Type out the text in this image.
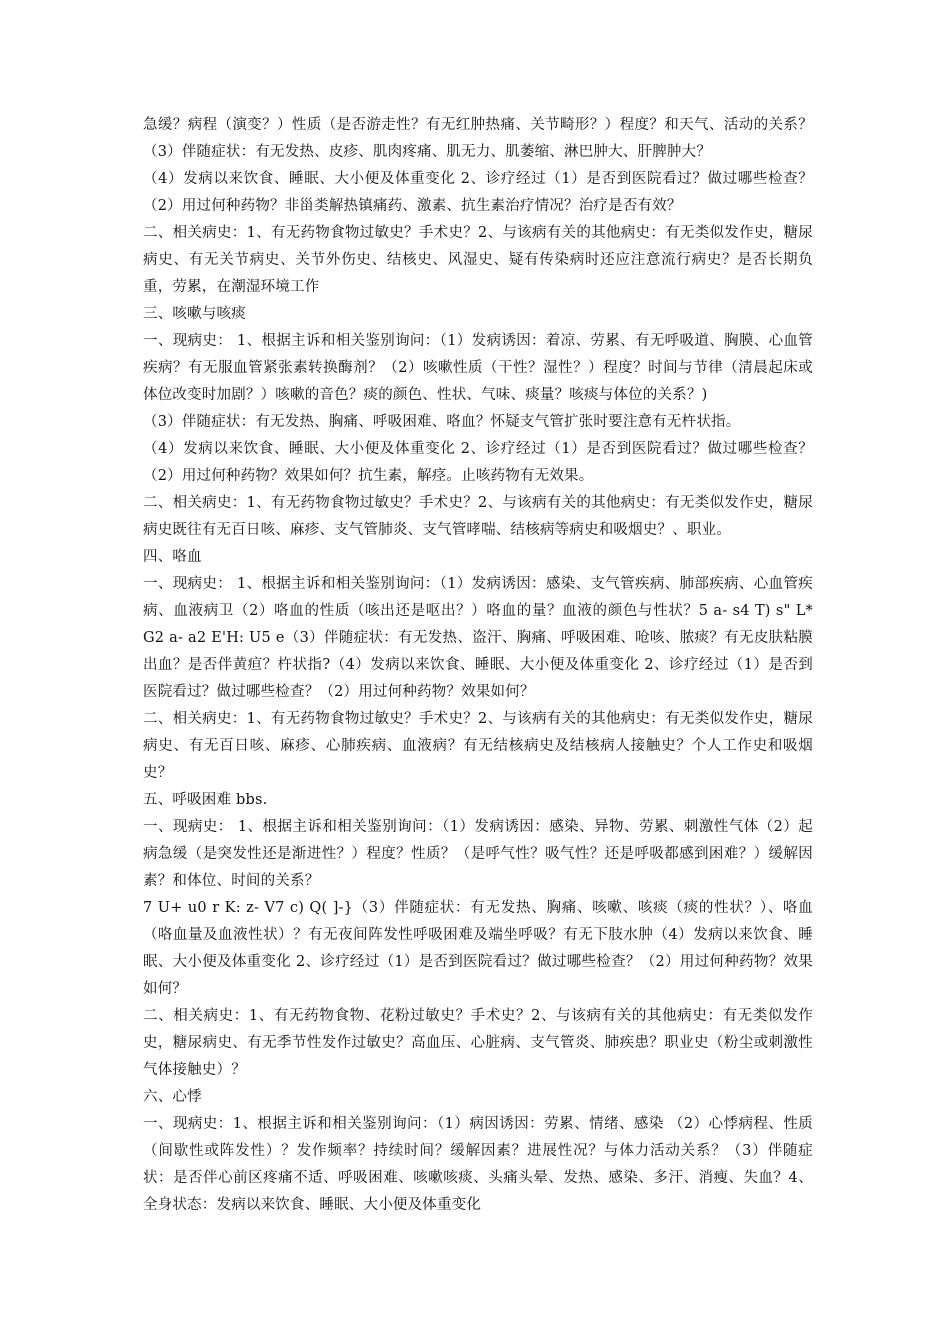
急缓？病程（演变？）性质（是否游走性？有无红肿热痛、关节畸形？）程度？和天气、活动的关系？（3）伴随症状：有无发热、皮疹、肌肉疼痛、肌无力、肌萎缩、淋巴肿大、肝脾肿大？

（4）发病以来饮食、睡眠、大小便及体重变化 2、诊疗经过（1）是否到医院看过？做过哪些检查？（2）用过何种药物？非甾类解热镇痛药、激素、抗生素治疗情况？治疗是否有效？

二、相关病史：1、有无药物食物过敏史？手术史？2、与该病有关的其他病史：有无类似发作史，糖尿病史、有无关节病史、关节外伤史、结核史、风湿史、疑有传染病时还应注意流行病史？是否长期负重，劳累，在潮湿环境工作

三、咳嗽与咳痰

一、现病史： 1、根据主诉和相关鉴别询问：（1）发病诱因：着凉、劳累、有无呼吸道、胸膜、心血管疾病？有无服血管紧张素转换酶剂？（2）咳嗽性质（干性？湿性？）程度？时间与节律（清晨起床或体位改变时加剧？）咳嗽的音色？痰的颜色、性状、气味、痰量？咳痰与体位的关系？)

（3）伴随症状：有无发热、胸痛、呼吸困难、咯血？怀疑支气管扩张时要注意有无杵状指。

（4）发病以来饮食、睡眠、大小便及体重变化 2、诊疗经过（1）是否到医院看过？做过哪些检查？（2）用过何种药物？效果如何？抗生素，解痉。止咳药物有无效果。

二、相关病史：1、有无药物食物过敏史？手术史？2、与该病有关的其他病史：有无类似发作史，糖尿病史既往有无百日咳、麻疹、支气管肺炎、支气管哮喘、结核病等病史和吸烟史？、职业。

四、咯血

一、现病史： 1、根据主诉和相关鉴别询问：（1）发病诱因：感染、支气管疾病、肺部疾病、心血管疾病、血液病卫（2）咯血的性质（咳出还是呕出？）咯血的量？血液的颜色与性状？5 a- s4 T) s" L* G2 a- a2 E'H: U5 e（3）伴随症状：有无发热、盗汗、胸痛、呼吸困难、呛咳、脓痰？有无皮肤粘膜出血？是否伴黄疸？杵状指?（4）发病以来饮食、睡眠、大小便及体重变化 2、诊疗经过（1）是否到医院看过？做过哪些检查？（2）用过何种药物？效果如何？

二、相关病史：1、有无药物食物过敏史？手术史？2、与该病有关的其他病史：有无类似发作史，糖尿病史、有无百日咳、麻疹、心肺疾病、血液病？有无结核病史及结核病人接触史？个人工作史和吸烟史？

五、呼吸困难 bbs.

一、现病史： 1、根据主诉和相关鉴别询问：（1）发病诱因：感染、异物、劳累、刺激性气体（2）起病急缓（是突发性还是渐进性？）程度？性质？（是呼气性？吸气性？还是呼吸都感到困难？）缓解因素？和体位、时间的关系？

7 U+ u0 r K: z- V7 c) Q( ]-}（3）伴随症状：有无发热、胸痛、咳嗽、咳痰（痰的性状？）、咯血（咯血量及血液性状）？有无夜间阵发性呼吸困难及端坐呼吸？有无下肢水肿（4）发病以来饮食、睡眠、大小便及体重变化 2、诊疗经过（1）是否到医院看过？做过哪些检查？（2）用过何种药物？效果如何？

二、相关病史：1、有无药物食物、花粉过敏史？手术史？2、与该病有关的其他病史：有无类似发作史，糖尿病史、有无季节性发作过敏史？高血压、心脏病、支气管炎、肺疾患？职业史（粉尘或刺激性气体接触史）？

六、心悸

一、现病史：1、根据主诉和相关鉴别询问：（1）病因诱因：劳累、情绪、感染 （2）心悸病程、性质（间歇性或阵发性）？发作频率？持续时间？缓解因素？进展性况？与体力活动关系？（3）伴随症状：是否伴心前区疼痛不适、呼吸困难、咳嗽咳痰、头痛头晕、发热、感染、多汗、消瘦、失血？4、全身状态：发病以来饮食、睡眠、大小便及体重变化
